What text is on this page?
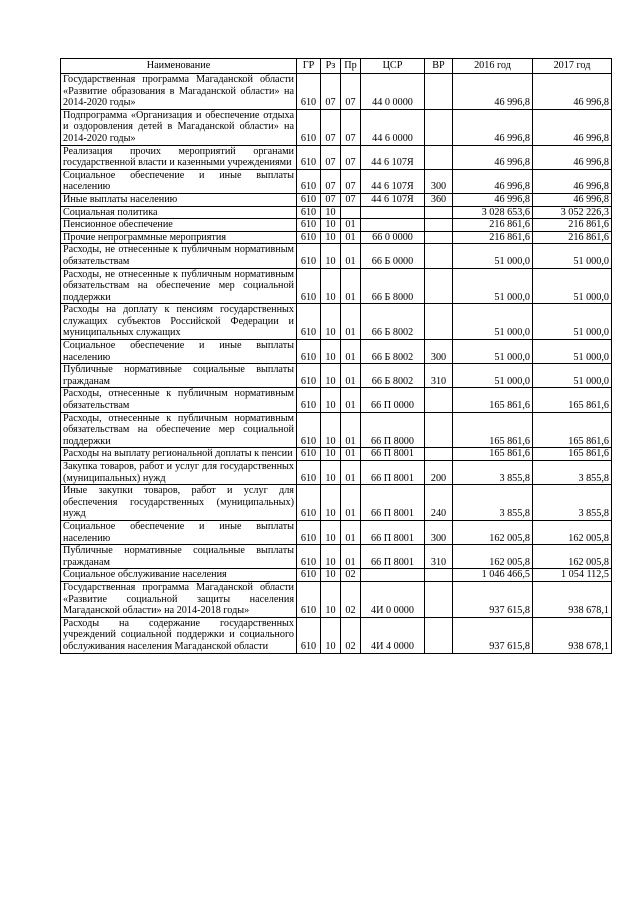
Наименование	ГР	Рз	Пр	ЦСР	ВР	2016 год	2017 год
Государственная программа Магаданской области «Развитие образования в Магаданской области» на 2014-2020 годы»	610	07	07	44 0 0000		46 996,8	46 996,8
Подпрограмма «Организация и обеспечение отдыха и оздоровления детей в Магаданской области» на 2014-2020 годы»	610	07	07	44 6 0000		46 996,8	46 996,8
Реализация прочих мероприятий органами государственной власти и казенными учреждениями	610	07	07	44 6 107Я		46 996,8	46 996,8
Социальное обеспечение и иные выплаты населению	610	07	07	44 6 107Я	300	46 996,8	46 996,8
Иные выплаты населению	610	07	07	44 6 107Я	360	46 996,8	46 996,8
Социальная политика	610	10				3 028 653,6	3 052 226,3
Пенсионное обеспечение	610	10	01			216 861,6	216 861,6
Прочие непрограммные мероприятия	610	10	01	66 0 0000		216 861,6	216 861,6
Расходы, не отнесенные к публичным нормативным обязательствам	610	10	01	66 Б 0000		51 000,0	51 000,0
Расходы, не отнесенные к публичным нормативным обязательствам на обеспечение мер социальной поддержки	610	10	01	66 Б 8000		51 000,0	51 000,0
Расходы на доплату к пенсиям государственных служащих субъектов Российской Федерации и муниципальных служащих	610	10	01	66 Б 8002		51 000,0	51 000,0
Социальное обеспечение и иные выплаты населению	610	10	01	66 Б 8002	300	51 000,0	51 000,0
Публичные нормативные социальные выплаты гражданам	610	10	01	66 Б 8002	310	51 000,0	51 000,0
Расходы, отнесенные к публичным нормативным обязательствам	610	10	01	66 П 0000		165 861,6	165 861,6
Расходы, отнесенные к публичным нормативным обязательствам на обеспечение мер социальной поддержки	610	10	01	66 П 8000		165 861,6	165 861,6
Расходы на выплату региональной доплаты к пенсии	610	10	01	66 П 8001		165 861,6	165 861,6
Закупка товаров, работ и услуг для государственных (муниципальных) нужд	610	10	01	66 П 8001	200	3 855,8	3 855,8
Иные закупки товаров, работ и услуг для обеспечения государственных (муниципальных) нужд	610	10	01	66 П 8001	240	3 855,8	3 855,8
Социальное обеспечение и иные выплаты населению	610	10	01	66 П 8001	300	162 005,8	162 005,8
Публичные нормативные социальные выплаты гражданам	610	10	01	66 П 8001	310	162 005,8	162 005,8
Социальное обслуживание населения	610	10	02			1 046 466,5	1 054 112,5
Государственная программа Магаданской области «Развитие социальной защиты населения Магаданской области» на 2014-2018 годы»	610	10	02	4И 0 0000		937 615,8	938 678,1
Расходы на содержание государственных учреждений социальной поддержки и социального обслуживания населения Магаданской области	610	10	02	4И 4 0000		937 615,8	938 678,1
